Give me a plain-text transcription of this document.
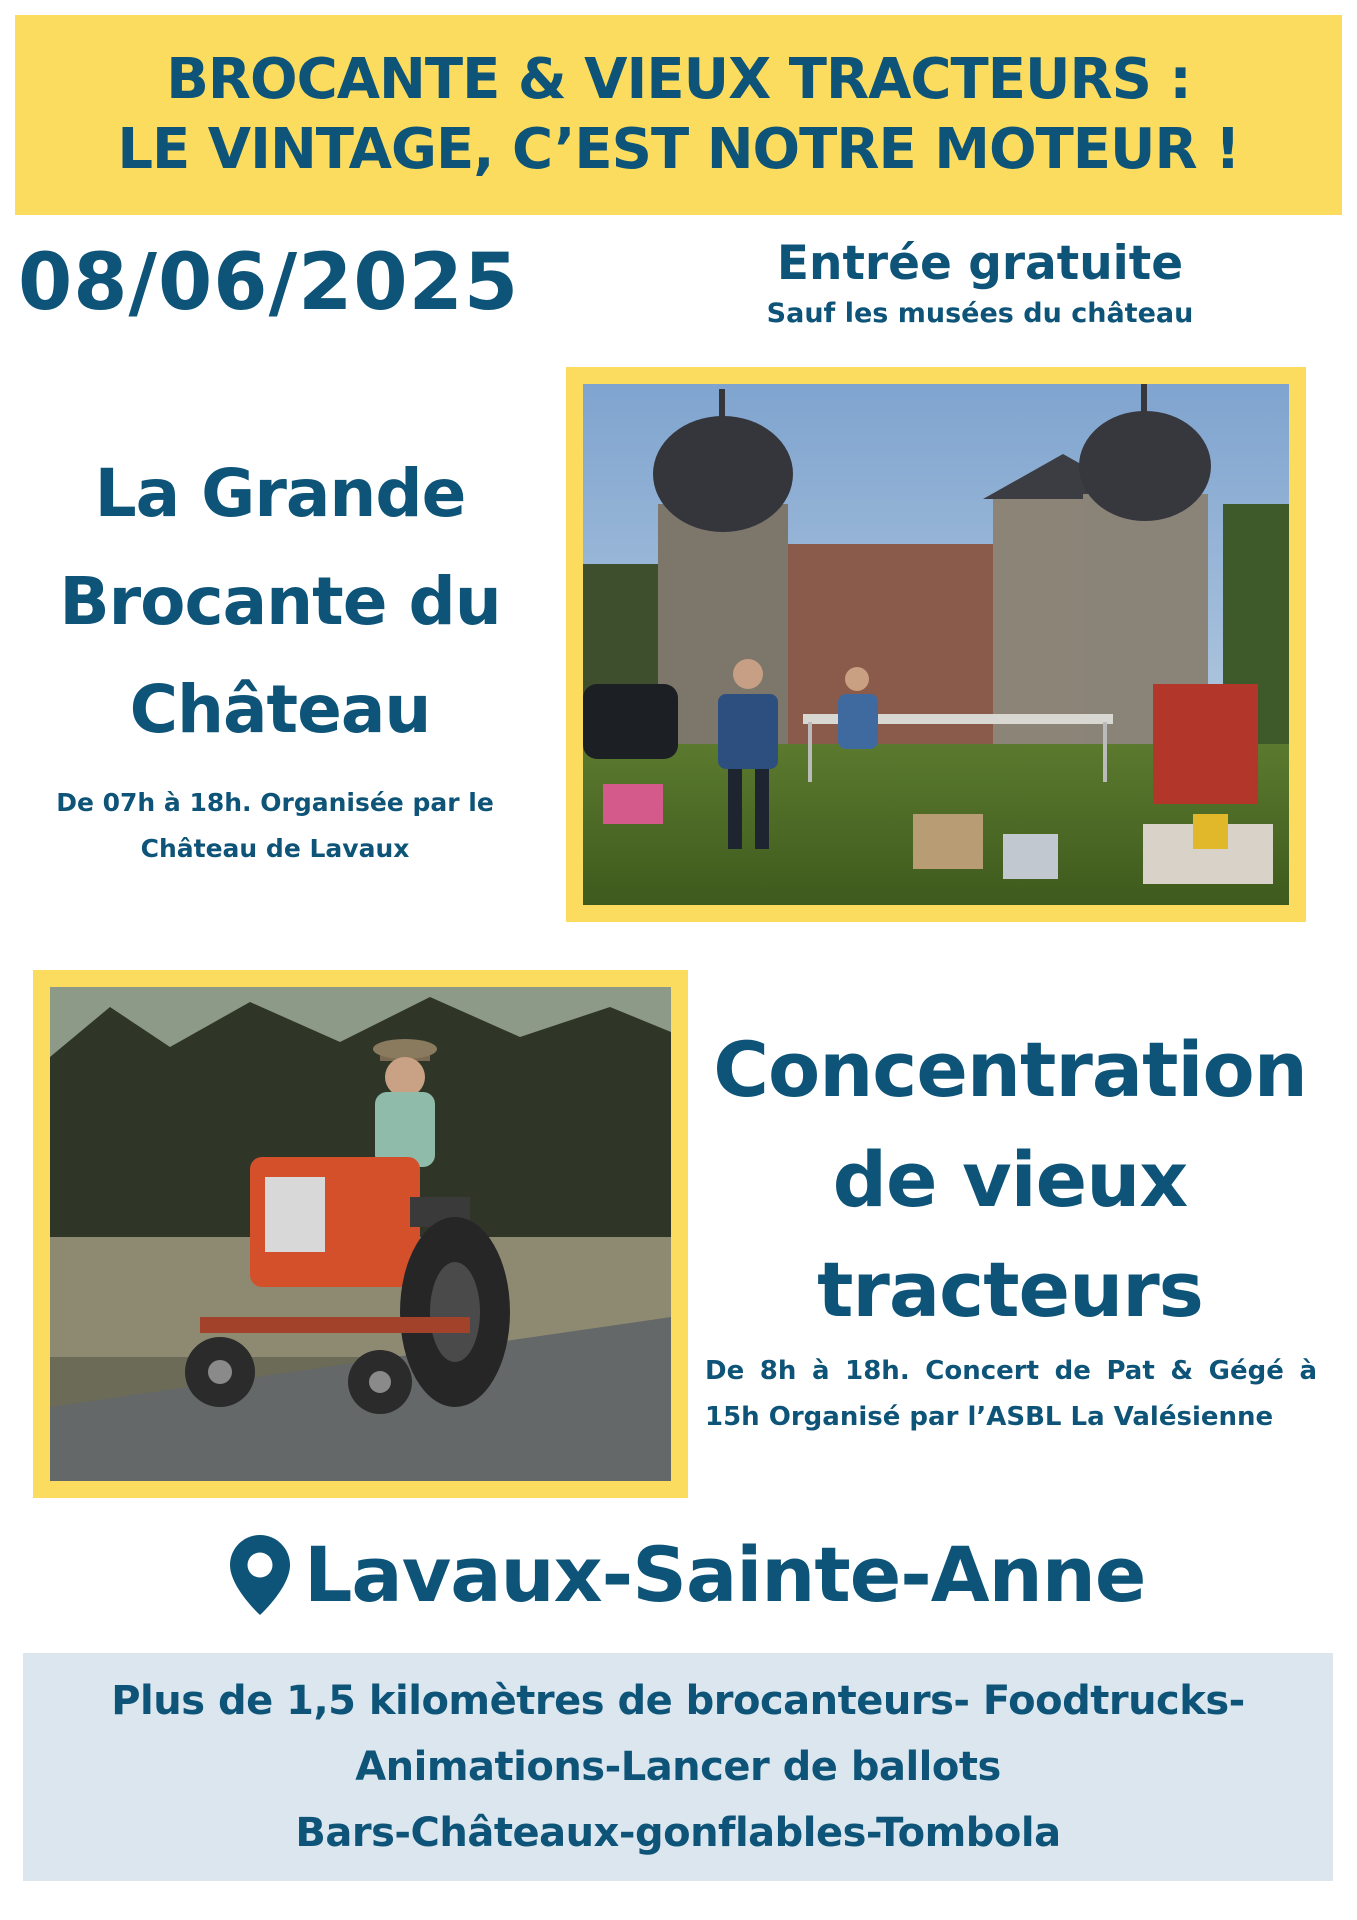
BROCANTE & VIEUX TRACTEURS :
LE VINTAGE, C’EST NOTRE MOTEUR !
08/06/2025	Entrée gratuite
Sauf les musées du château
La Grande
Brocante du
Château
De 07h à 18h. Organisée par le
Château de Lavaux
Concentration
de vieux
tracteurs
De 8h à 18h. Concert de Pat & Gégé à 15h Organisé par l’ASBL La Valésienne
Lavaux-Sainte-Anne
Plus de 1,5 kilomètres de brocanteurs- Foodtrucks-
Animations-Lancer de ballots
Bars-Châteaux-gonflables-Tombola
